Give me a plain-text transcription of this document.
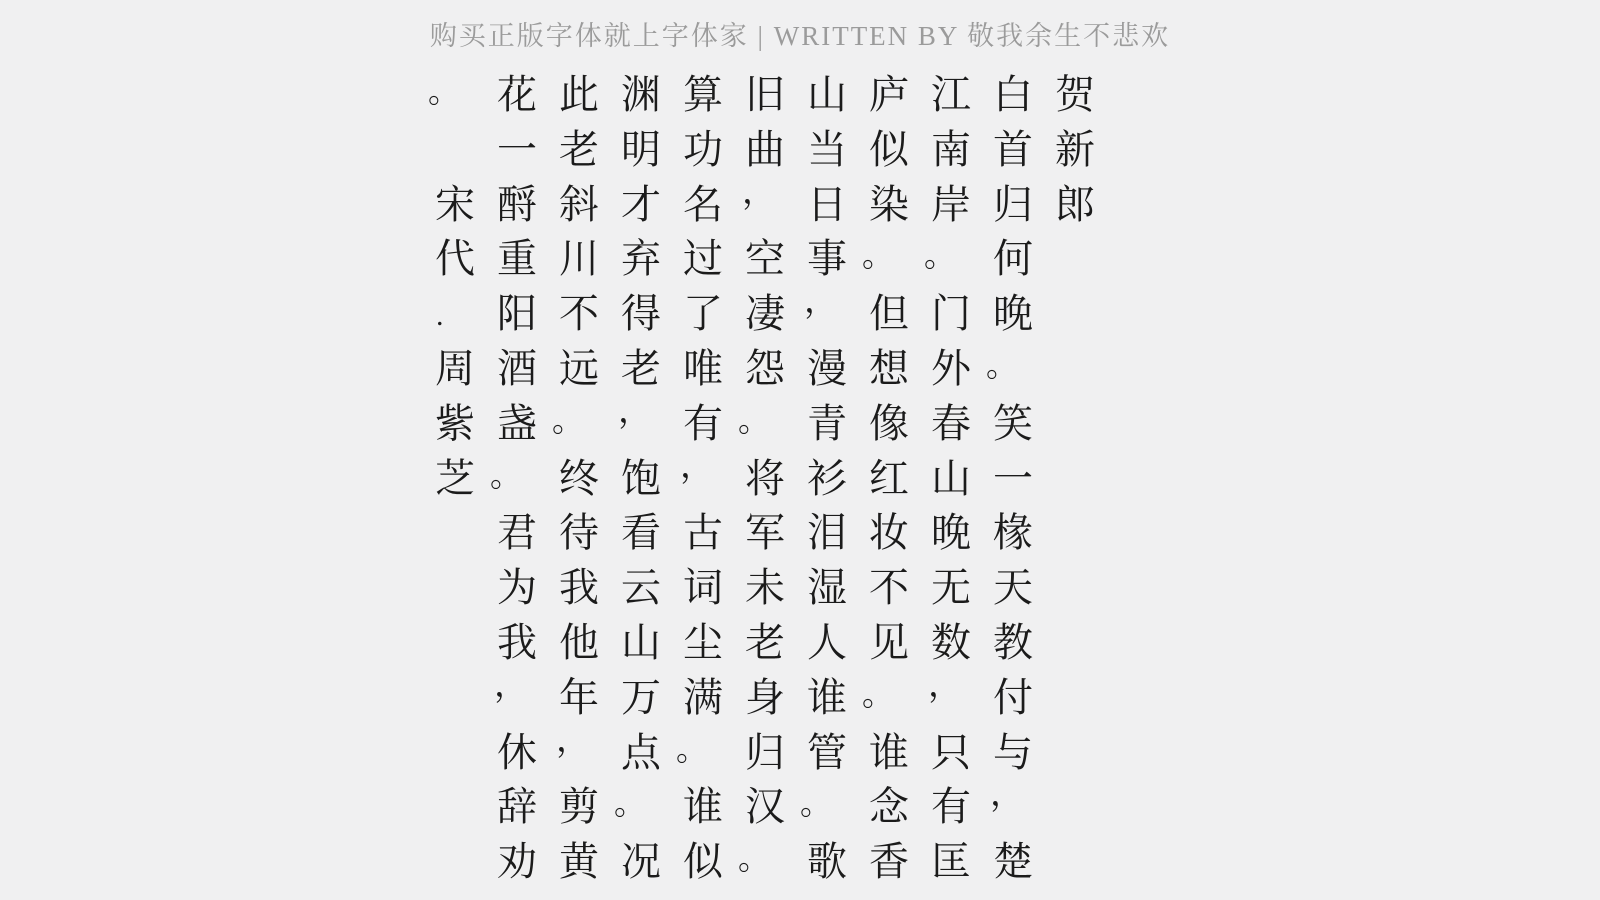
购买正版字体就上字体家 | WRITTEN BY 敬我余生不悲欢
贺
新
郎
白
首
归
何
晚
。
笑
一
椽
天
教
付
与
，
楚
江
南
岸
。
门
外
春
山
晚
无
数
，
只
有
匡
庐
似
染
。
但
想
像
红
妆
不
见
。
谁
念
香
山
当
日
事
，
漫
青
衫
泪
湿
人
谁
管
。
歌
旧
曲
，
空
凄
怨
。
将
军
未
老
身
归
汉
。
算
功
名
过
了
唯
有
，
古
词
尘
满
。
谁
似
渊
明
才
弃
得
老
，
饱
看
云
山
万
点
。
况
此
老
斜
川
不
远
。
终
待
我
他
年
，
剪
黄
花
一
酹
重
阳
酒
盏
。
君
为
我
，
休
辞
劝
。
宋
代
.
周
紫
芝
